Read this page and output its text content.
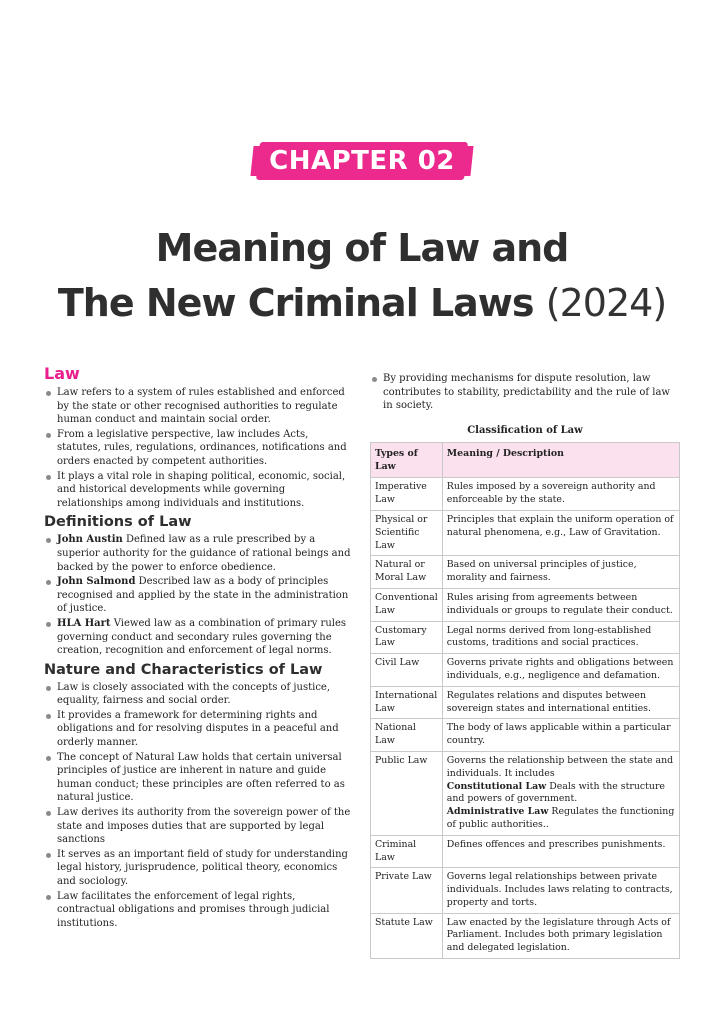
CHAPTER 02
Meaning of Law and
The New Criminal Laws (2024)
Law
Law refers to a system of rules established and enforced by the state or other recognised authorities to regulate human conduct and maintain social order.
From a legislative perspective, law includes Acts, statutes, rules, regulations, ordinances, notifications and orders enacted by competent authorities.
It plays a vital role in shaping political, economic, social, and historical developments while governing relationships among individuals and institutions.
Definitions of Law
John Austin Defined law as a rule prescribed by a superior authority for the guidance of rational beings and backed by the power to enforce obedience.
John Salmond Described law as a body of principles recognised and applied by the state in the administration of justice.
HLA Hart Viewed law as a combination of primary rules governing conduct and secondary rules governing the creation, recognition and enforcement of legal norms.
Nature and Characteristics of Law
Law is closely associated with the concepts of justice, equality, fairness and social order.
It provides a framework for determining rights and obligations and for resolving disputes in a peaceful and orderly manner.
The concept of Natural Law holds that certain universal principles of justice are inherent in nature and guide human conduct; these principles are often referred to as natural justice.
Law derives its authority from the sovereign power of the state and imposes duties that are supported by legal sanctions
It serves as an important field of study for understanding legal history, jurisprudence, political theory, economics and sociology.
Law facilitates the enforcement of legal rights, contractual obligations and promises through judicial institutions.
By providing mechanisms for dispute resolution, law contributes to stability, predictability and the rule of law in society.
Classification of Law
Types of Law	Meaning / Description
Imperative Law	Rules imposed by a sovereign authority and enforceable by the state.
Physical or Scientific Law	Principles that explain the uniform operation of natural phenomena, e.g., Law of Gravitation.
Natural or Moral Law	Based on universal principles of justice, morality and fairness.
Conventional Law	Rules arising from agreements between individuals or groups to regulate their conduct.
Customary Law	Legal norms derived from long-established customs, traditions and social practices.
Civil Law	Governs private rights and obligations between individuals, e.g., negligence and defamation.
International Law	Regulates relations and disputes between sovereign states and international entities.
National Law	The body of laws applicable within a particular country.
Public Law	Governs the relationship between the state and individuals. It includes
Constitutional Law Deals with the structure and powers of government.
Administrative Law Regulates the functioning of public authorities..
Criminal Law	Defines offences and prescribes punishments.
Private Law	Governs legal relationships between private individuals. Includes laws relating to contracts, property and torts.
Statute Law	Law enacted by the legislature through Acts of Parliament. Includes both primary legislation and delegated legislation.
